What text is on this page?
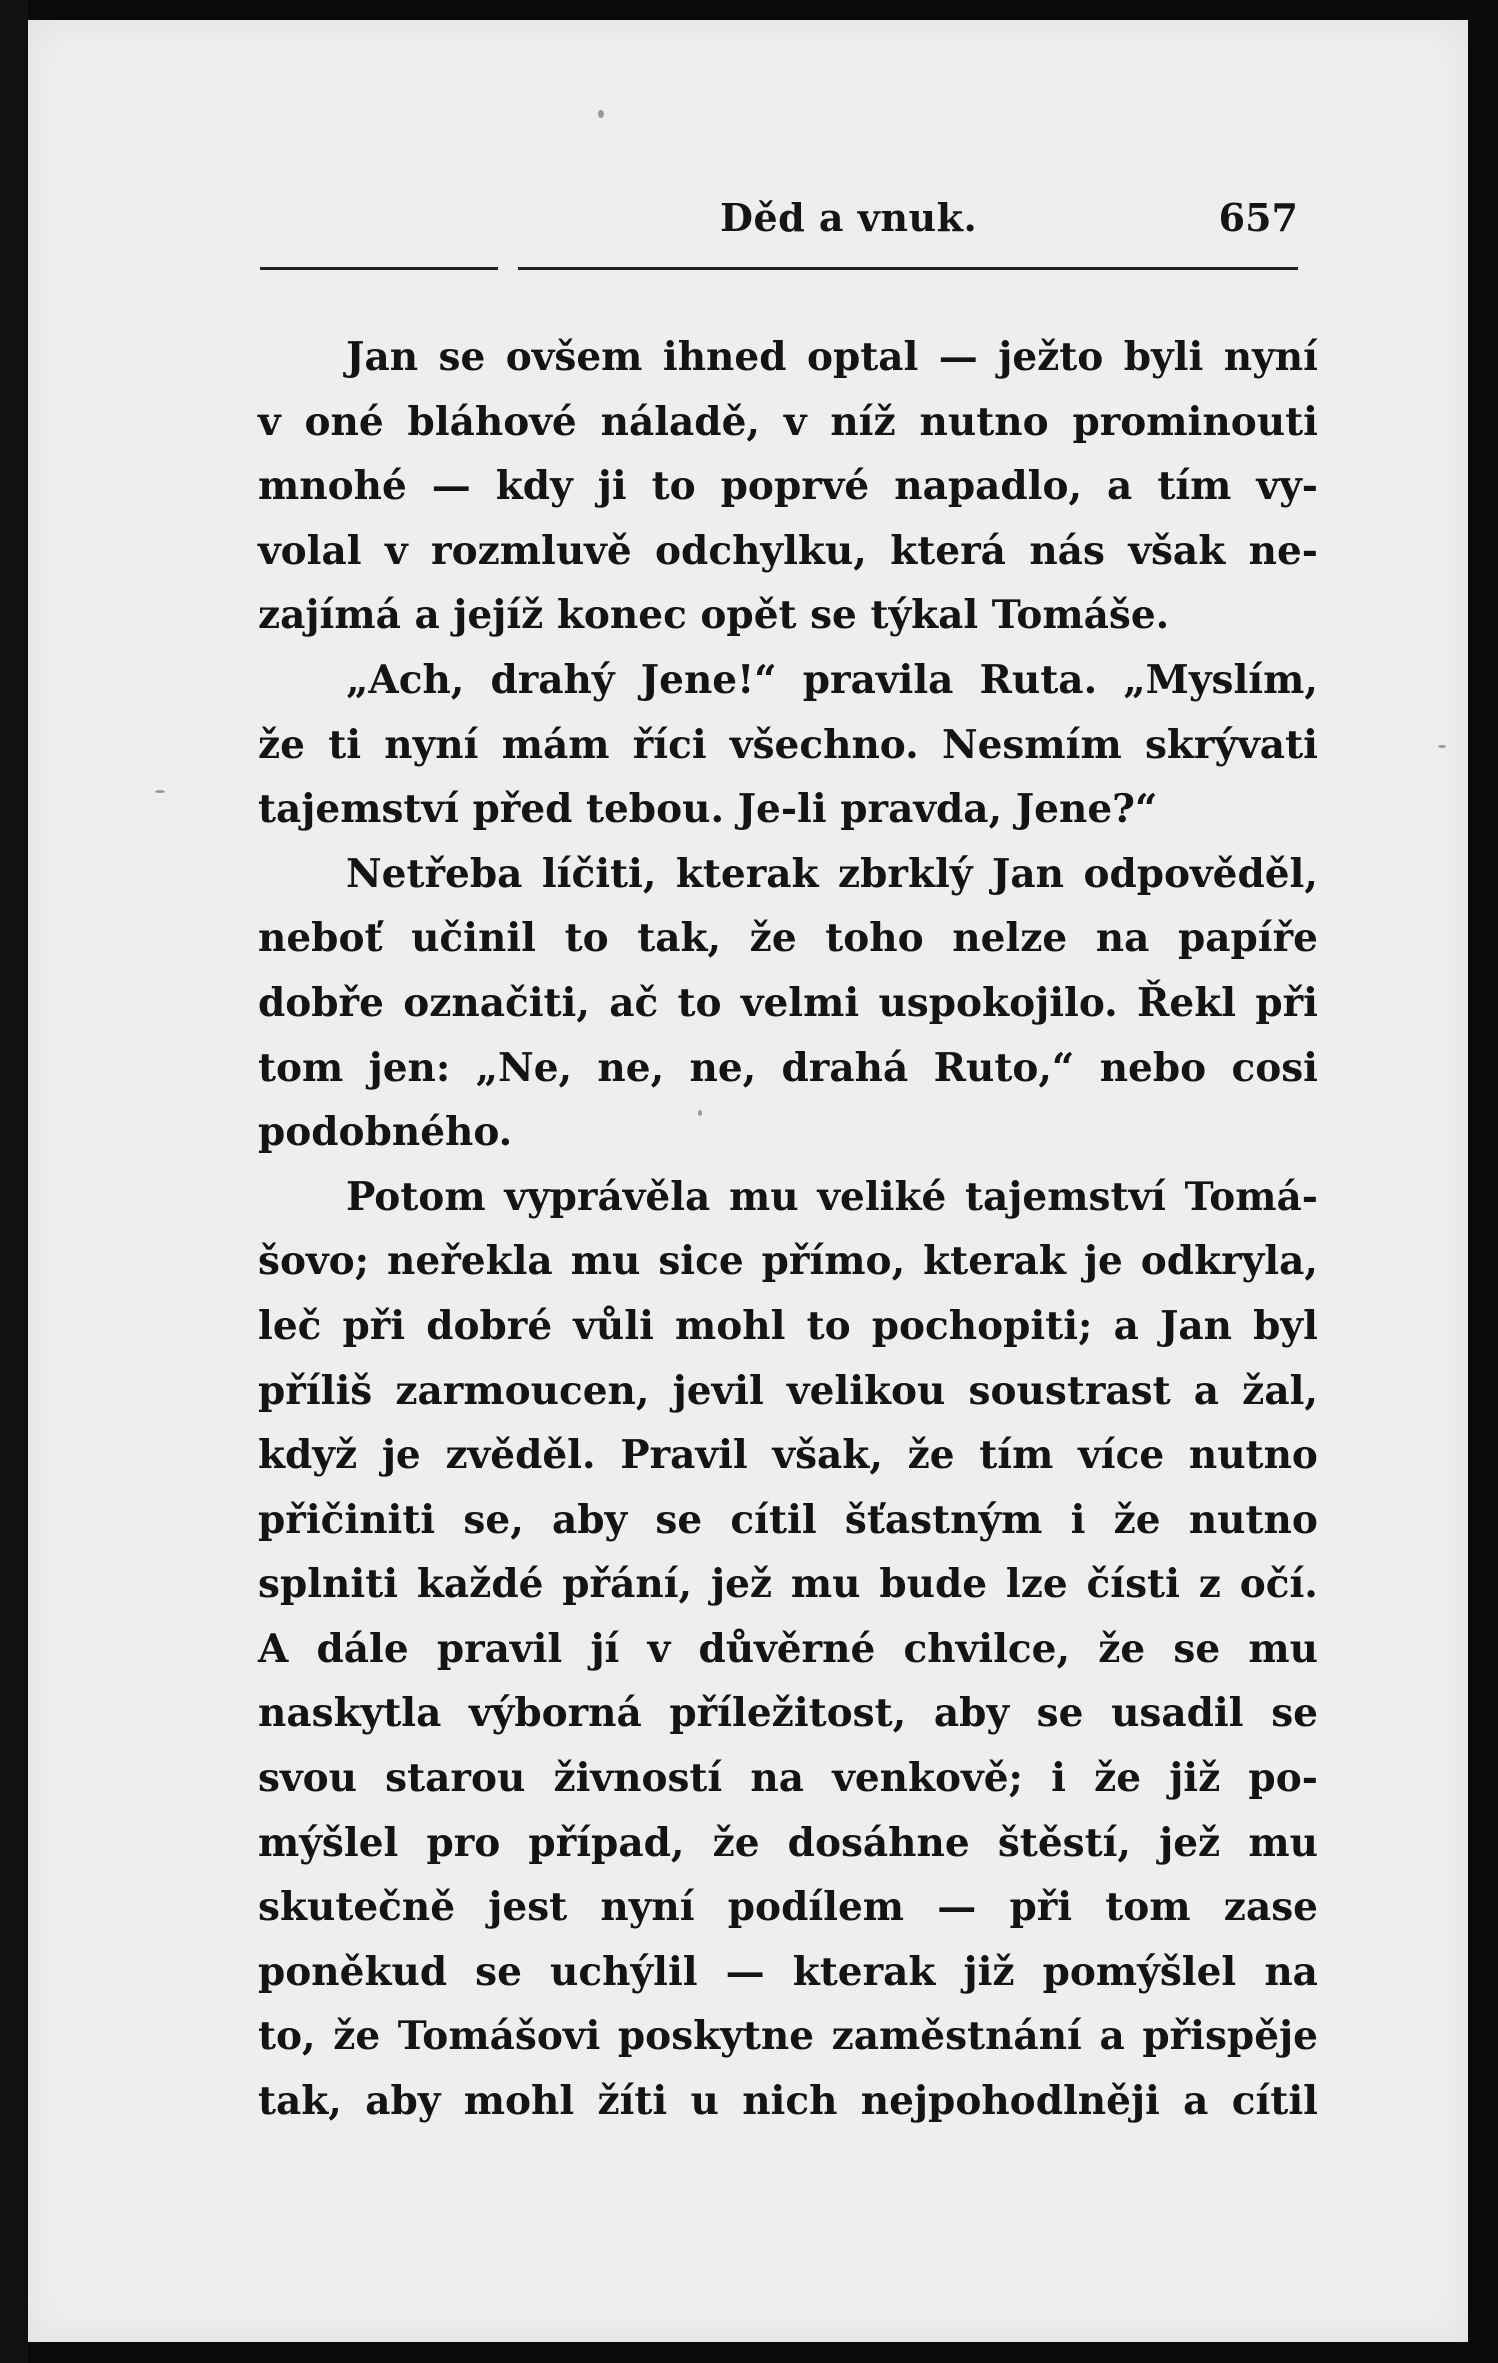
Děd a vnuk.	657
Jan se ovšem ihned optal — ježto byli nyní
v oné bláhové náladě, v níž nutno prominouti
mnohé — kdy ji to poprvé napadlo, a tím vy-
volal v rozmluvě odchylku, která nás však ne-
zajímá a jejíž konec opět se týkal Tomáše.
„Ach, drahý Jene!“ pravila Ruta. „Myslím,
že ti nyní mám říci všechno. Nesmím skrývati
tajemství před tebou. Je-li pravda, Jene?“
Netřeba líčiti, kterak zbrklý Jan odpověděl,
neboť učinil to tak, že toho nelze na papíře
dobře označiti, ač to velmi uspokojilo. Řekl při
tom jen: „Ne, ne, ne, drahá Ruto,“ nebo cosi
podobného.
Potom vyprávěla mu veliké tajemství Tomá-
šovo; neřekla mu sice přímo, kterak je odkryla,
leč při dobré vůli mohl to pochopiti; a Jan byl
příliš zarmoucen, jevil velikou soustrast a žal,
když je zvěděl. Pravil však, že tím více nutno
přičiniti se, aby se cítil šťastným i že nutno
splniti každé přání, jež mu bude lze čísti z očí.
A dále pravil jí v důvěrné chvilce, že se mu
naskytla výborná příležitost, aby se usadil se
svou starou živností na venkově; i že již po-
mýšlel pro případ, že dosáhne štěstí, jež mu
skutečně jest nyní podílem — při tom zase
poněkud se uchýlil — kterak již pomýšlel na
to, že Tomášovi poskytne zaměstnání a přispěje
tak, aby mohl žíti u nich nejpohodlněji a cítil
